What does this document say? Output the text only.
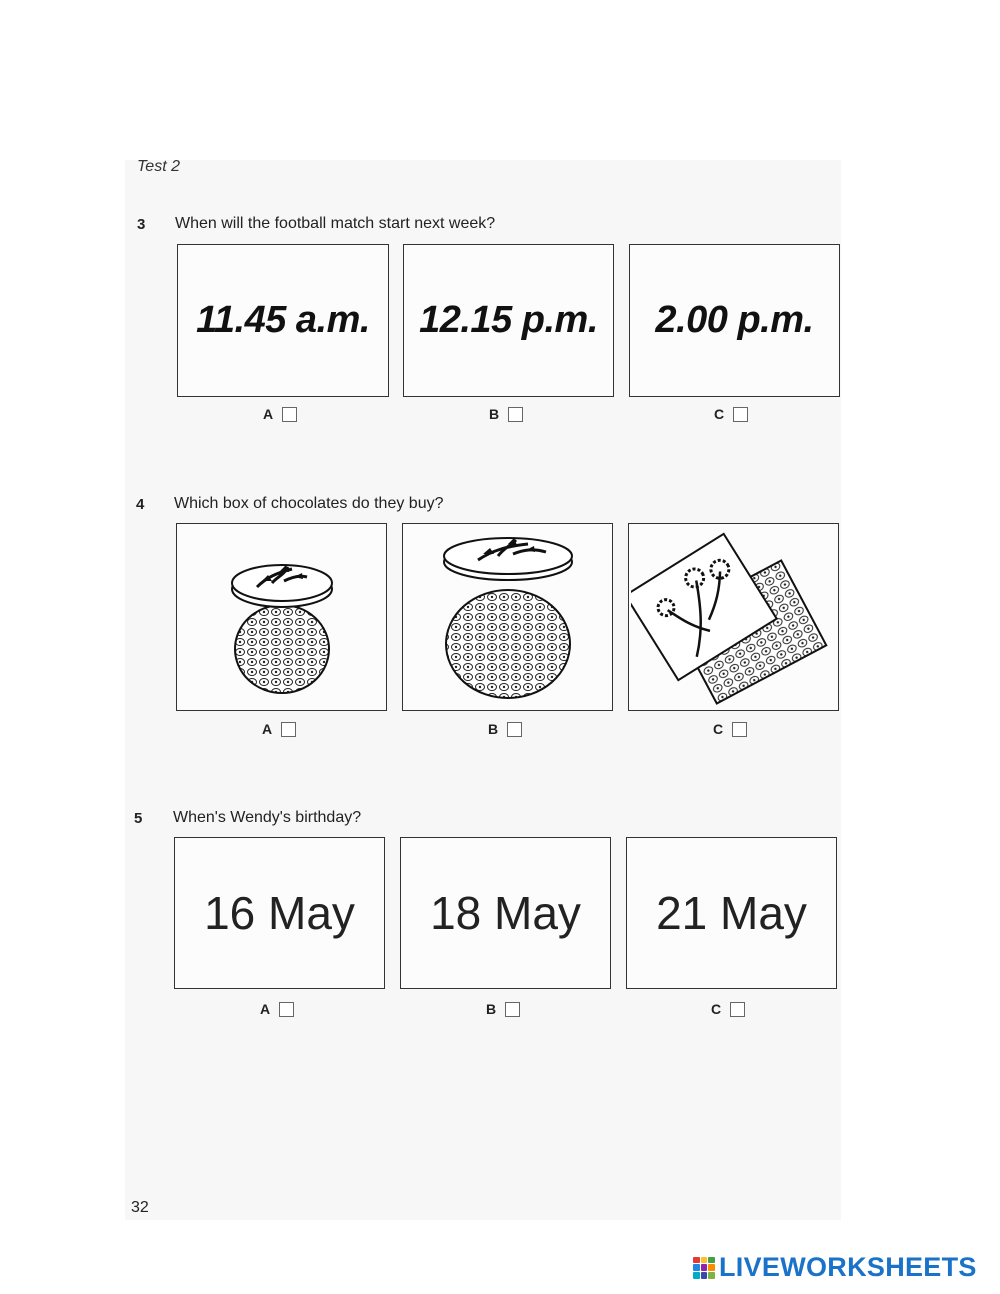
Test 2
3 When will the football match start next week?
11.45 a.m. 12.15 p.m. 2.00 p.m.
A	B	C
4 Which box of chocolates do they buy?
A	B	C
5 When's Wendy's birthday?
16 May 18 May 21 May
A	B	C
32
LIVEWORKSHEETS
